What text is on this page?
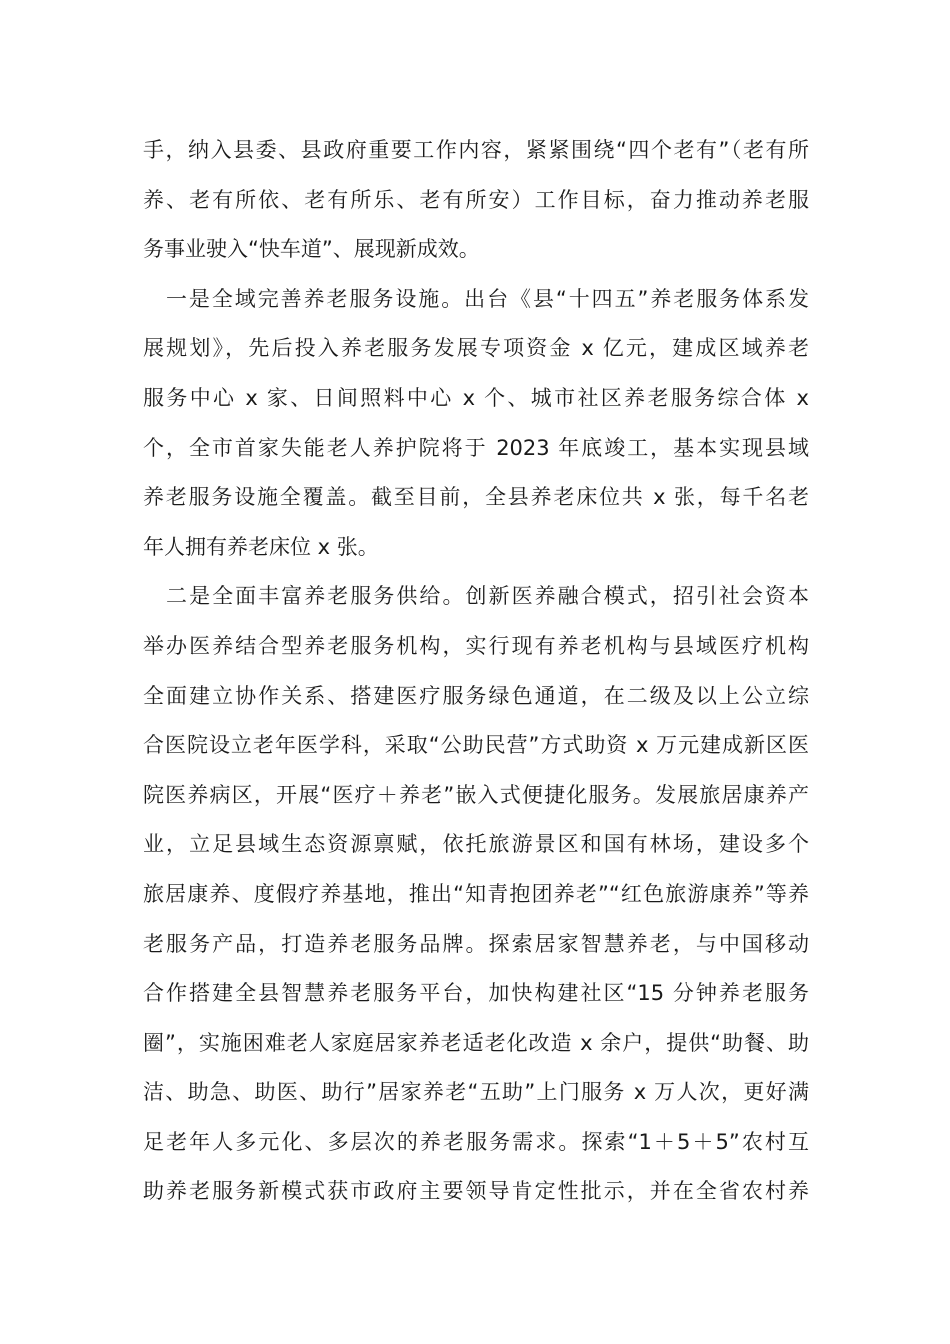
手，纳入县委、县政府重要工作内容，紧紧围绕“四个老有”（老有所
养、老有所依、老有所乐、老有所安）工作目标，奋力推动养老服
务事业驶入“快车道”、展现新成效。
　一是全域完善养老服务设施。出台《县“十四五”养老服务体系发
展规划》，先后投入养老服务发展专项资金 x 亿元，建成区域养老
服务中心 x 家、日间照料中心 x 个、城市社区养老服务综合体 x
个，全市首家失能老人养护院将于 2023 年底竣工，基本实现县域
养老服务设施全覆盖。截至目前，全县养老床位共 x 张，每千名老
年人拥有养老床位 x 张。
　二是全面丰富养老服务供给。创新医养融合模式，招引社会资本
举办医养结合型养老服务机构，实行现有养老机构与县域医疗机构
全面建立协作关系、搭建医疗服务绿色通道，在二级及以上公立综
合医院设立老年医学科，采取“公助民营”方式助资 x 万元建成新区医
院医养病区，开展“医疗＋养老”嵌入式便捷化服务。发展旅居康养产
业，立足县域生态资源禀赋，依托旅游景区和国有林场，建设多个
旅居康养、度假疗养基地，推出“知青抱团养老”“红色旅游康养”等养
老服务产品，打造养老服务品牌。探索居家智慧养老，与中国移动
合作搭建全县智慧养老服务平台，加快构建社区“15 分钟养老服务
圈”，实施困难老人家庭居家养老适老化改造 x 余户，提供“助餐、助
洁、助急、助医、助行”居家养老“五助”上门服务 x 万人次，更好满
足老年人多元化、多层次的养老服务需求。探索“1＋5＋5”农村互
助养老服务新模式获市政府主要领导肯定性批示，并在全省农村养
